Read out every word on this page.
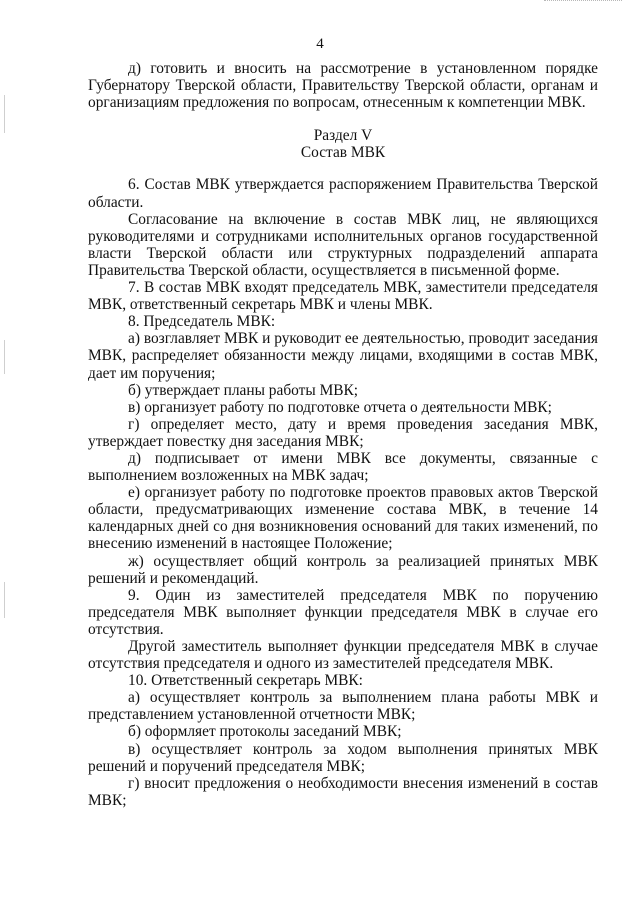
4

д) готовить и вносить на рассмотрение в установленном порядке Губернатору Тверской области, Правительству Тверской области, органам и организациям предложения по вопросам, отнесенным к компетенции МВК.

Раздел V

Состав МВК

6. Состав МВК утверждается распоряжением Правительства Тверской области.

Согласование на включение в состав МВК лиц, не являющихся руководителями и сотрудниками исполнительных органов государственной власти Тверской области или структурных подразделений аппарата Правительства Тверской области, осуществляется в письменной форме.

7. В состав МВК входят председатель МВК, заместители председателя МВК, ответственный секретарь МВК и члены МВК.

8. Председатель МВК:

а) возглавляет МВК и руководит ее деятельностью, проводит заседания МВК, распределяет обязанности между лицами, входящими в состав МВК, дает им поручения;

б) утверждает планы работы МВК;

в) организует работу по подготовке отчета о деятельности МВК;

г) определяет место, дату и время проведения заседания МВК, утверждает повестку дня заседания МВК;

д) подписывает от имени МВК все документы, связанные с выполнением возложенных на МВК задач;

е) организует работу по подготовке проектов правовых актов Тверской области, предусматривающих изменение состава МВК, в течение 14 календарных дней со дня возникновения оснований для таких изменений, по внесению изменений в настоящее Положение;

ж) осуществляет общий контроль за реализацией принятых МВК решений и рекомендаций.

9. Один из заместителей председателя МВК по поручению председателя МВК выполняет функции председателя МВК в случае его отсутствия.

Другой заместитель выполняет функции председателя МВК в случае отсутствия председателя и одного из заместителей председателя МВК.

10. Ответственный секретарь МВК:

а) осуществляет контроль за выполнением плана работы МВК и представлением установленной отчетности МВК;

б) оформляет протоколы заседаний МВК;

в) осуществляет контроль за ходом выполнения принятых МВК решений и поручений председателя МВК;

г) вносит предложения о необходимости внесения изменений в состав МВК;
